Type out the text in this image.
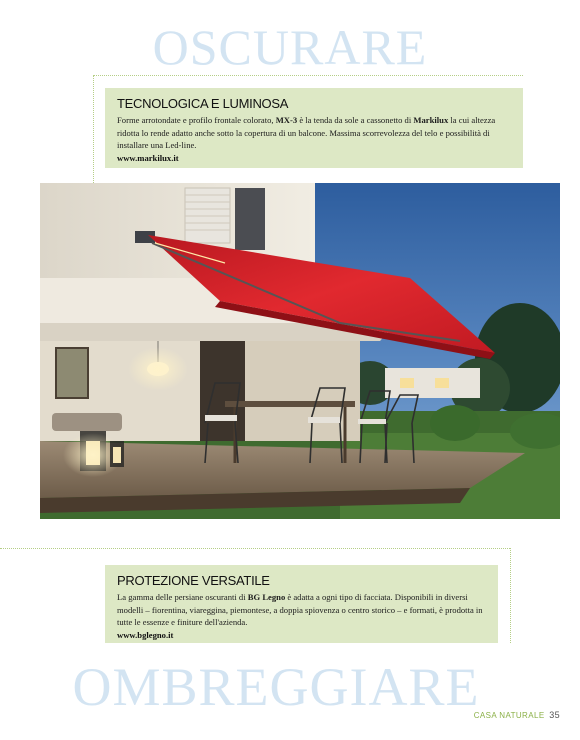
OSCURARE
OMBREGGIARE
TECNOLOGICA E LUMINOSA

Forme arrotondate e profilo frontale colorato, MX-3 è la tenda da sole a cassonetto di Markilux la cui altezza ridotta lo rende adatto anche sotto la copertura di un balcone. Massima scorrevolezza del telo e possibilità di installare una Led-line.

www.markilux.it
PROTEZIONE VERSATILE

La gamma delle persiane oscuranti di BG Legno è adatta a ogni tipo di facciata. Disponibili in diversi modelli – fiorentina, viareggina, piemontese, a doppia spiovenza o centro storico – e formati, è prodotta in tutte le essenze e finiture dell'azienda.

www.bglegno.it
CASA NATURALE 35
